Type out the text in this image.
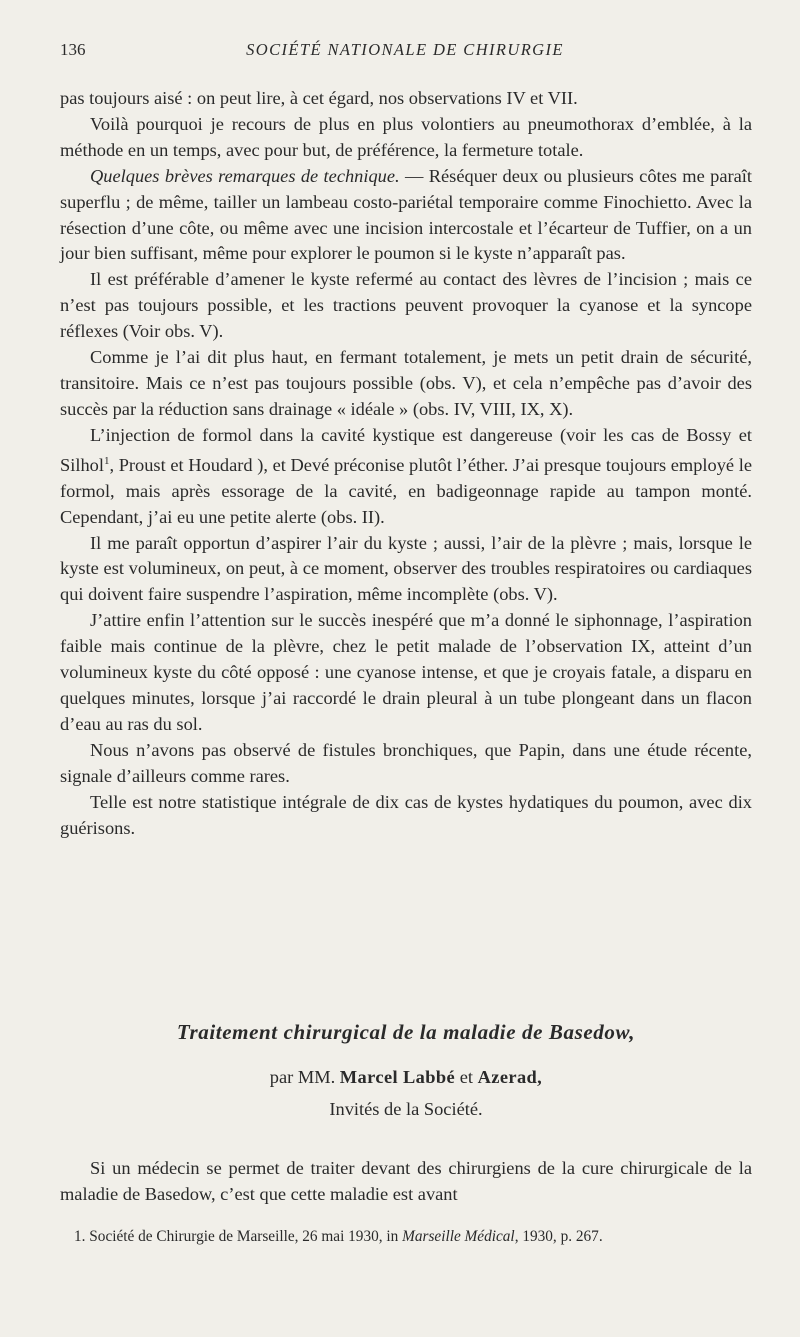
136	SOCIÉTÉ NATIONALE DE CHIRURGIE

pas toujours aisé : on peut lire, à cet égard, nos observations IV et VII.

Voilà pourquoi je recours de plus en plus volontiers au pneumothorax d’emblée, à la méthode en un temps, avec pour but, de préférence, la fermeture totale.

Quelques brèves remarques de technique. — Réséquer deux ou plusieurs côtes me paraît superflu ; de même, tailler un lambeau costo-pariétal temporaire comme Finochietto. Avec la résection d’une côte, ou même avec une incision intercostale et l’écarteur de Tuffier, on a un jour bien suffisant, même pour explorer le poumon si le kyste n’apparaît pas.

Il est préférable d’amener le kyste refermé au contact des lèvres de l’incision ; mais ce n’est pas toujours possible, et les tractions peuvent provoquer la cyanose et la syncope réflexes (Voir obs. V).

Comme je l’ai dit plus haut, en fermant totalement, je mets un petit drain de sécurité, transitoire. Mais ce n’est pas toujours possible (obs. V), et cela n’empêche pas d’avoir des succès par la réduction sans drainage « idéale » (obs. IV, VIII, IX, X).

L’injection de formol dans la cavité kystique est dangereuse (voir les cas de Bossy et Silhol$^1$, Proust et Houdard ), et Devé préconise plutôt l’éther. J’ai presque toujours employé le formol, mais après essorage de la cavité, en badigeonnage rapide au tampon monté. Cependant, j’ai eu une petite alerte (obs. II).

Il me paraît opportun d’aspirer l’air du kyste ; aussi, l’air de la plèvre ; mais, lorsque le kyste est volumineux, on peut, à ce moment, observer des troubles respiratoires ou cardiaques qui doivent faire suspendre l’aspiration, même incomplète (obs. V).

J’attire enfin l’attention sur le succès inespéré que m’a donné le siphonnage, l’aspiration faible mais continue de la plèvre, chez le petit malade de l’observation IX, atteint d’un volumineux kyste du côté opposé : une cyanose intense, et que je croyais fatale, a disparu en quelques minutes, lorsque j’ai raccordé le drain pleural à un tube plongeant dans un flacon d’eau au ras du sol.

Nous n’avons pas observé de fistules bronchiques, que Papin, dans une étude récente, signale d’ailleurs comme rares.

Telle est notre statistique intégrale de dix cas de kystes hydatiques du poumon, avec dix guérisons.

Traitement chirurgical de la maladie de Basedow,
par MM. Marcel Labbé et Azerad,
Invités de la Société.

Si un médecin se permet de traiter devant des chirurgiens de la cure chirurgicale de la maladie de Basedow, c’est que cette maladie est avant

1. Société de Chirurgie de Marseille, 26 mai 1930, in Marseille Médical, 1930, p. 267.
